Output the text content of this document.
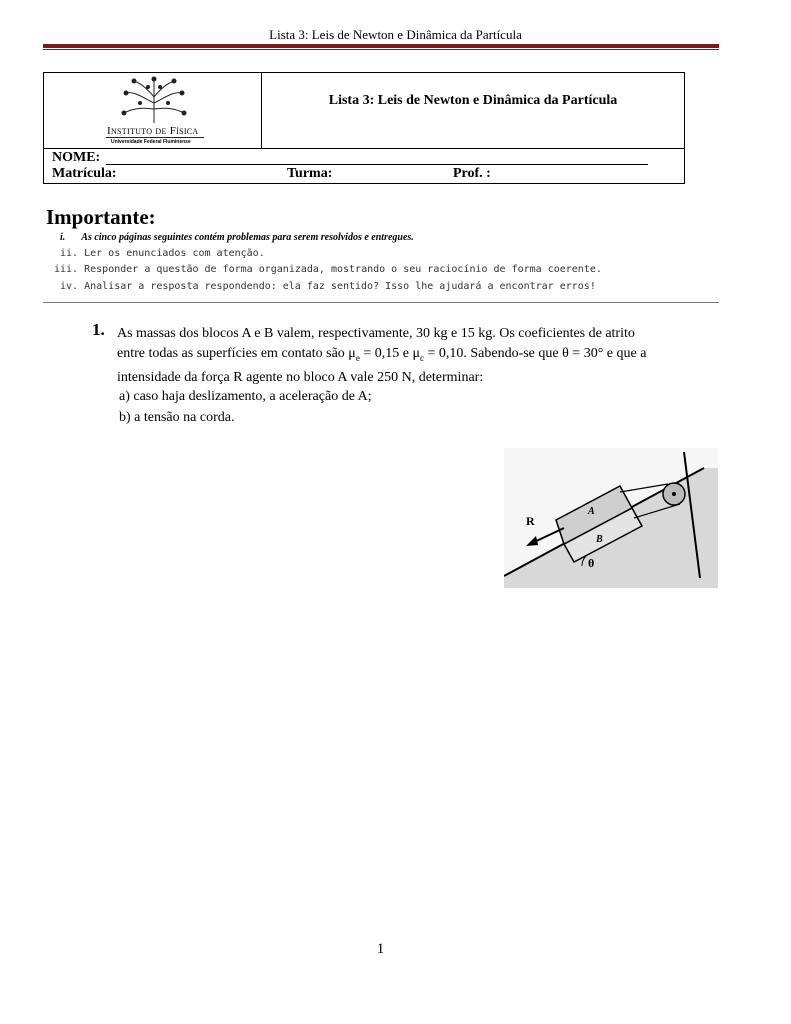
Lista 3: Leis de Newton e Dinâmica da Partícula
Instituto de Física
Universidade Federal Fluminense
Lista 3: Leis de Newton e Dinâmica da Partícula
NOME:
Matrícula:	Turma:	Prof. :
Importante:
i. As cinco páginas seguintes contém problemas para serem resolvidos e entregues.
ii. Ler os enunciados com atenção.
iii. Responder a questão de forma organizada, mostrando o seu raciocínio de forma coerente.
iv. Analisar a resposta respondendo: ela faz sentido? Isso lhe ajudará a encontrar erros!
1. As massas dos blocos A e B valem, respectivamente, 30 kg e 15 kg. Os coeficientes de atrito
entre todas as superfícies em contato são $\mu_e = 0,15$ e $\mu_c = 0,10$. Sabendo-se que θ = 30° e que a
intensidade da força R agente no bloco A vale 250 N, determinar:
a) caso haja deslizamento, a aceleração de A;
b) a tensão na corda.
R
A
B
θ
1
